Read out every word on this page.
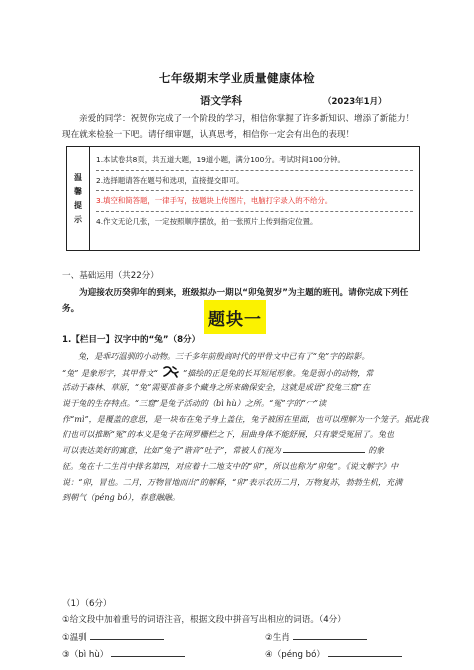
七年级期末学业质量健康体检
语文学科	（2023年1月）
亲爱的同学：祝贺你完成了一个阶段的学习，相信你掌握了许多新知识、增添了新能力！现在就来检验一下吧。请仔细审题，认真思考，相信你一定会有出色的表现！
温
馨
提
示
1.本试卷共8页，共五道大题，19道小题，满分100分。考试时间100分钟。
2.选择题请答在题号和选项，直接提交即可。
3.填空和简答题，一律手写，按题块上传图片，电脑打字录入的不给分。
4.作文无论几张，一定按照顺序摆放，拍一张照片上传到指定位置。
一、基础运用（共22分）
为迎接农历癸卯年的到来，班级拟办一期以“卯兔贺岁”为主题的班刊。请你完成下列任务。
题块一
1.【栏目一】汉字中的“兔”（8分）
兔，是乖巧温驯的小动物。三千多年前殷商时代的甲骨文中已有了“兔”字的踪影。
“兔” 是象形字，其甲骨文“	”描绘的正是兔的长耳短尾形象。兔是弱小的动物，常
活动于森林、草原，“兔”需要准备多个藏身之所来确保安全，这就是成语“狡兔三窟”在
说于兔的生存特点。“三窟”是兔子活动的（bì hù）之所。“冤”字的“冖”读
作“mì”，是覆盖的意思，是一块布在兔子身上盖住，兔子被困在里面，也可以理解为一个笼子。据此我
们也可以推断“冤”的本义是兔子在网罗栅栏之下，屈曲身体不能舒展，只有蒙受冤屈了。兔也
可以表达美好的寓意，比如“兔子”谐音“吐子”，常被人们视为	的象
征。兔在十二生肖中排名第四，对应着十二地支中的“卯”，所以也称为“卯兔”。《说文解字》中
说：“卯，冒也。二月，万物冒地而出”的解释，“卯”表示农历二月，万物复苏，勃勃生机，充满
到朝气（péng bó），春意融融。
（1）（6分）
①给文段中加着重号的词语注音，根据文段中拼音写出相应的词语。（4分）
①温驯	②生肖
③（bì hù）	④（péng bó）
